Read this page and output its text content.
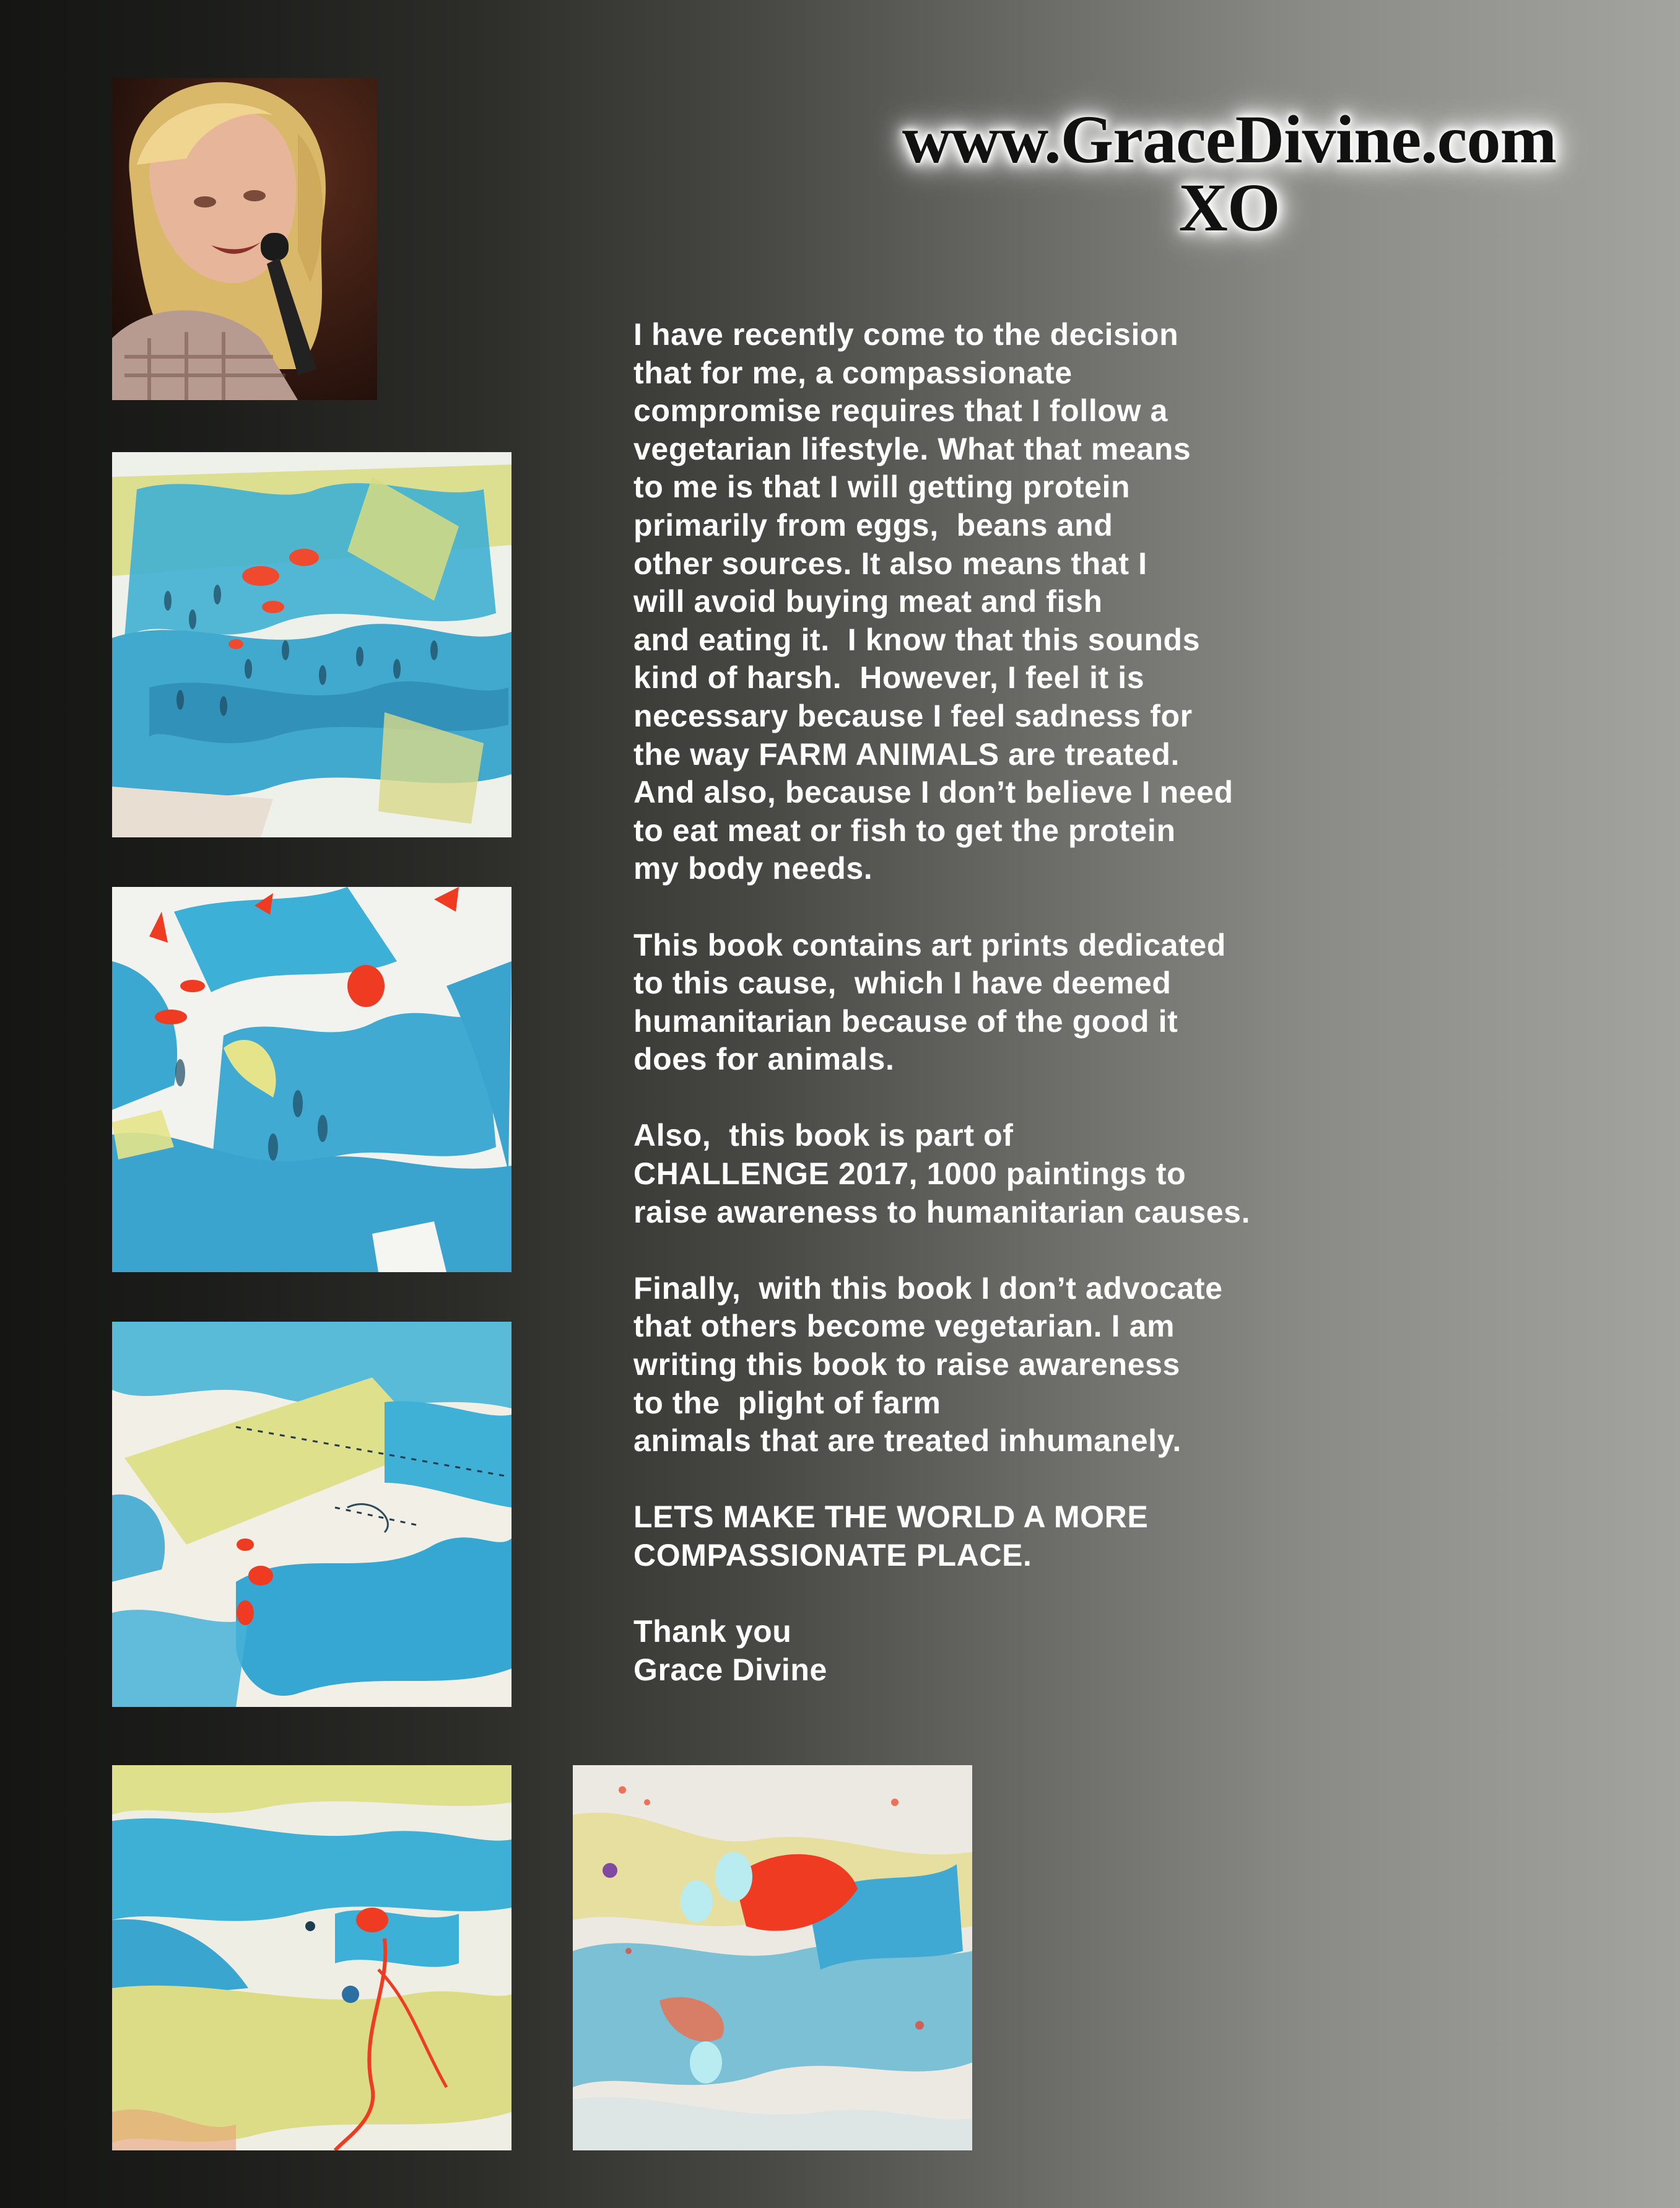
www.GraceDivine.com XO
I have recently come to the decision
that for me, a compassionate
compromise requires that I follow a
vegetarian lifestyle. What that means
to me is that I will getting protein
primarily from eggs,  beans and
other sources. It also means that I
will avoid buying meat and fish
and eating it.  I know that this sounds
kind of harsh.  However, I feel it is
necessary because I feel sadness for
the way FARM ANIMALS are treated.
And also, because I don’t believe I need
to eat meat or fish to get the protein
my body needs.
This book contains art prints dedicated
to this cause,  which I have deemed
humanitarian because of the good it
does for animals.
Also,  this book is part of
CHALLENGE 2017, 1000 paintings to
raise awareness to humanitarian causes.
Finally,  with this book I don’t advocate
that others become vegetarian. I am
writing this book to raise awareness
to the  plight of farm
animals that are treated inhumanely.
LETS MAKE THE WORLD A MORE
COMPASSIONATE PLACE.
Thank you
Grace Divine
